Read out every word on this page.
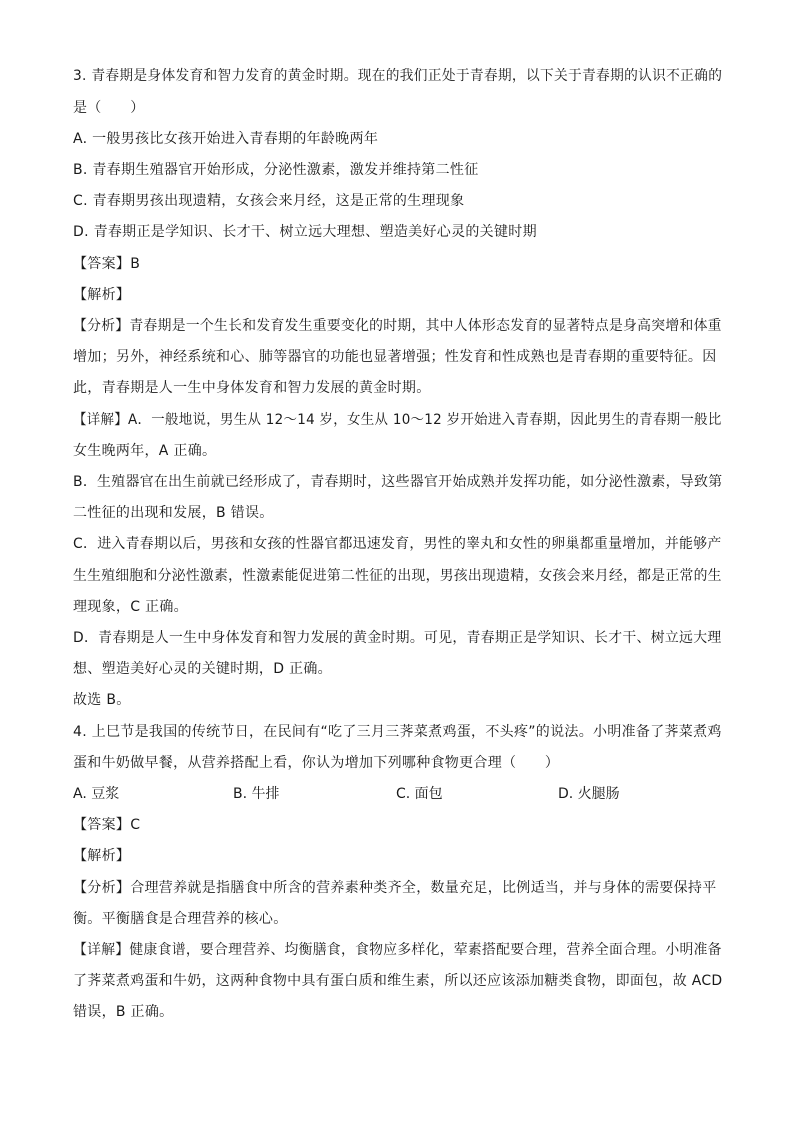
3. 青春期是身体发育和智力发育的黄金时期。现在的我们正处于青春期，以下关于青春期的认识不正确的
是（　　）
A. 一般男孩比女孩开始进入青春期的年龄晚两年
B. 青春期生殖器官开始形成，分泌性激素，激发并维持第二性征
C. 青春期男孩出现遗精，女孩会来月经，这是正常的生理现象
D. 青春期正是学知识、长才干、树立远大理想、塑造美好心灵的关键时期
【答案】B
【解析】
【分析】青春期是一个生长和发育发生重要变化的时期，其中人体形态发育的显著特点是身高突增和体重
增加；另外，神经系统和心、肺等器官的功能也显著增强；性发育和性成熟也是青春期的重要特征。因
此，青春期是人一生中身体发育和智力发展的黄金时期。
【详解】A．一般地说，男生从 12～14 岁，女生从 10～12 岁开始进入青春期，因此男生的青春期一般比
女生晚两年，A 正确。
B．生殖器官在出生前就已经形成了，青春期时，这些器官开始成熟并发挥功能，如分泌性激素，导致第
二性征的出现和发展，B 错误。
C．进入青春期以后，男孩和女孩的性器官都迅速发育，男性的睾丸和女性的卵巢都重量增加，并能够产
生生殖细胞和分泌性激素，性激素能促进第二性征的出现，男孩出现遗精，女孩会来月经，都是正常的生
理现象，C 正确。
D．青春期是人一生中身体发育和智力发展的黄金时期。可见，青春期正是学知识、长才干、树立远大理
想、塑造美好心灵的关键时期，D 正确。
故选 B。
4. 上巳节是我国的传统节日，在民间有“吃了三月三荠菜煮鸡蛋，不头疼”的说法。小明准备了荠菜煮鸡
蛋和牛奶做早餐，从营养搭配上看，你认为增加下列哪种食物更合理（　　）
A. 豆浆	B. 牛排	C. 面包	D. 火腿肠
【答案】C
【解析】
【分析】合理营养就是指膳食中所含的营养素种类齐全，数量充足，比例适当，并与身体的需要保持平
衡。平衡膳食是合理营养的核心。
【详解】健康食谱，要合理营养、均衡膳食，食物应多样化，荤素搭配要合理，营养全面合理。小明准备
了荠菜煮鸡蛋和牛奶，这两种食物中具有蛋白质和维生素，所以还应该添加糖类食物，即面包，故 ACD
错误，B 正确。
